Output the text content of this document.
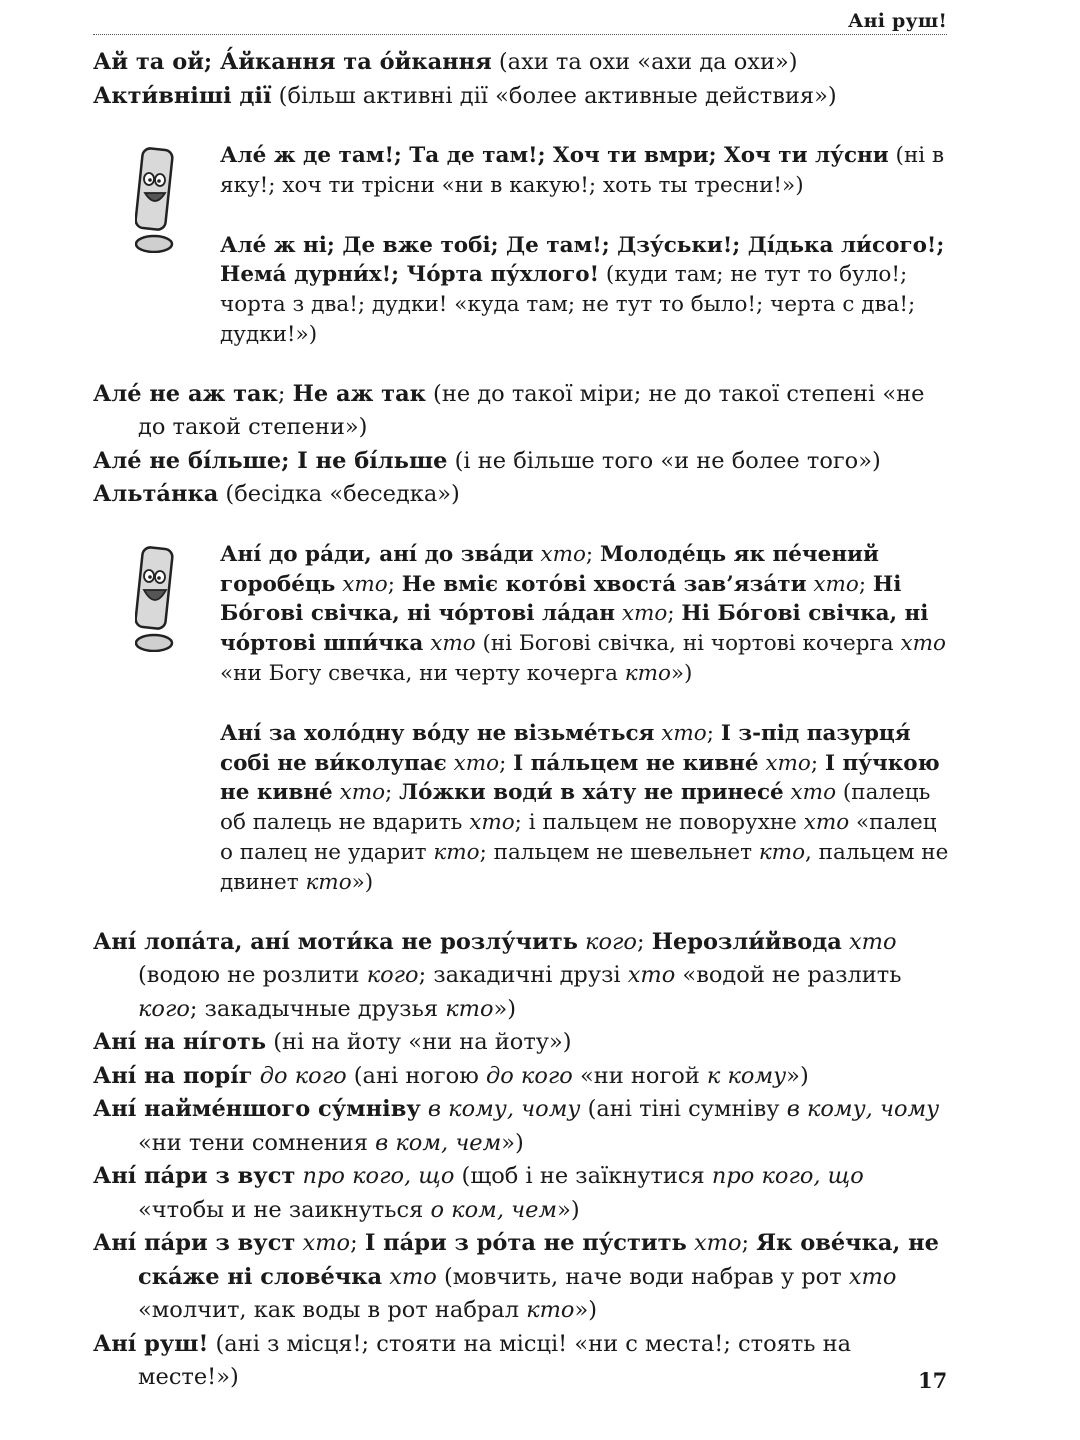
Ані руш!

Ай та ой; А́йкання та о́йкання (ахи та охи «ахи да охи»)

Акти́вніші дії (більш активні дії «более активные действия»)

Але́ ж де там!; Та де там!; Хоч ти вмри; Хоч ти лу́сни (ні в яку!; хоч ти трісни «ни в какую!; хоть ты тресни!»)

Але́ ж ні; Де вже тобі; Де там!; Дзу́ськи!; Ді́дька ли́сого!; Нема́ дурни́х!; Чо́рта пу́хлого! (куди там; не тут то було!; чорта з два!; дудки! «куда там; не тут то было!; черта с два!; дудки!»)

Але́ не аж так; Не аж так (не до такої міри; не до такої степені «не до такой степени»)

Але́ не бі́льше; І не бі́льше (і не більше того «и не более того»)

Альта́нка (бесідка «беседка»)

Ані́ до ра́ди, ані́ до зва́ди хто; Молоде́ць як пе́чений горобе́ць хто; Не вміє кото́ві хвоста́ зав’яза́ти хто; Ні Бо́гові свічка, ні чо́ртові ла́дан хто; Ні Бо́гові свічка, ні чо́ртові шпи́чка хто (ні Богові свічка, ні чортові кочерга хто «ни Богу свечка, ни черту кочерга кто»)

Ані́ за холо́дну во́ду не візьме́ться хто; І з-під пазурця́ собі не ви́колупає хто; І па́льцем не кивне́ хто; І пу́чкою не кивне́ хто; Ло́жки води́ в ха́ту не принесе́ хто (палець об палець не вдарить хто; і пальцем не поворухне хто «палец о палец не ударит кто; пальцем не шевельнет кто, пальцем не двинет кто»)

Ані́ лопа́та, ані́ моти́ка не розлу́чить кого; Нерозли́йвода хто (водою не розлити кого; закадичні друзі хто «водой не разлить кого; закадычные друзья кто»)

Ані́ на ні́готь (ні на йоту «ни на йоту»)

Ані́ на порі́г до кого (ані ногою до кого «ни ногой к кому»)

Ані́ найме́ншого су́мніву в кому, чому (ані тіні сумніву в кому, чому «ни тени сомнения в ком, чем»)

Ані́ па́ри з вуст про кого, що (щоб і не заїкнутися про кого, що «чтобы и не заикнуться о ком, чем»)

Ані́ па́ри з вуст хто; І па́ри з ро́та не пу́стить хто; Як ове́чка, не ска́же ні слове́чка хто (мовчить, наче води набрав у рот хто «молчит, как воды в рот набрал кто»)

Ані́ руш! (ані з місця!; стояти на місці! «ни с места!; стоять на месте!»)	17
